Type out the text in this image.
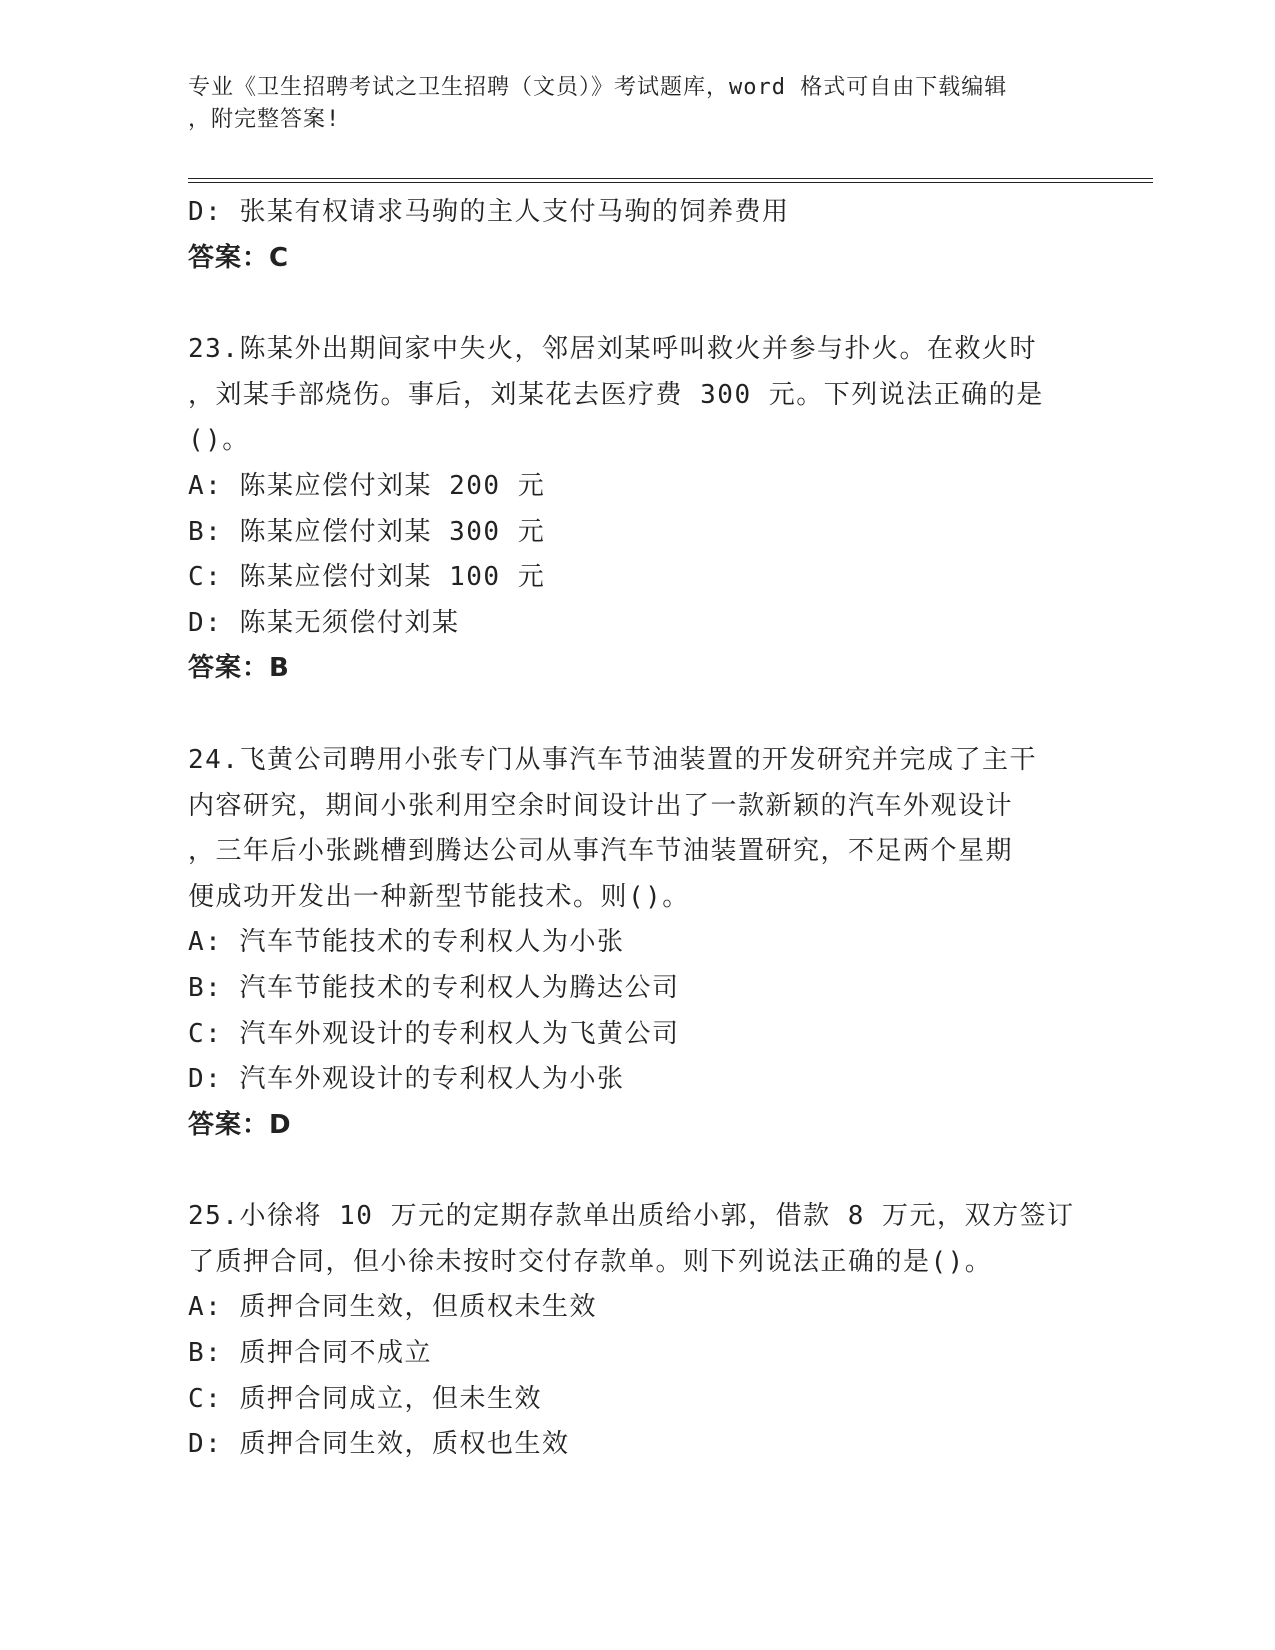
专业《卫生招聘考试之卫生招聘（文员）》考试题库，word 格式可自由下载编辑
，附完整答案!
D: 张某有权请求马驹的主人支付马驹的饲养费用
答案：C
23.陈某外出期间家中失火，邻居刘某呼叫救火并参与扑火。在救火时
，刘某手部烧伤。事后，刘某花去医疗费 300 元。下列说法正确的是
()。
A: 陈某应偿付刘某 200 元
B: 陈某应偿付刘某 300 元
C: 陈某应偿付刘某 100 元
D: 陈某无须偿付刘某
答案：B
24.飞黄公司聘用小张专门从事汽车节油装置的开发研究并完成了主干
内容研究，期间小张利用空余时间设计出了一款新颖的汽车外观设计
，三年后小张跳槽到腾达公司从事汽车节油装置研究，不足两个星期
便成功开发出一种新型节能技术。则()。
A: 汽车节能技术的专利权人为小张
B: 汽车节能技术的专利权人为腾达公司
C: 汽车外观设计的专利权人为飞黄公司
D: 汽车外观设计的专利权人为小张
答案：D
25.小徐将 10 万元的定期存款单出质给小郭，借款 8 万元，双方签订
了质押合同，但小徐未按时交付存款单。则下列说法正确的是()。
A: 质押合同生效，但质权未生效
B: 质押合同不成立
C: 质押合同成立，但未生效
D: 质押合同生效，质权也生效
